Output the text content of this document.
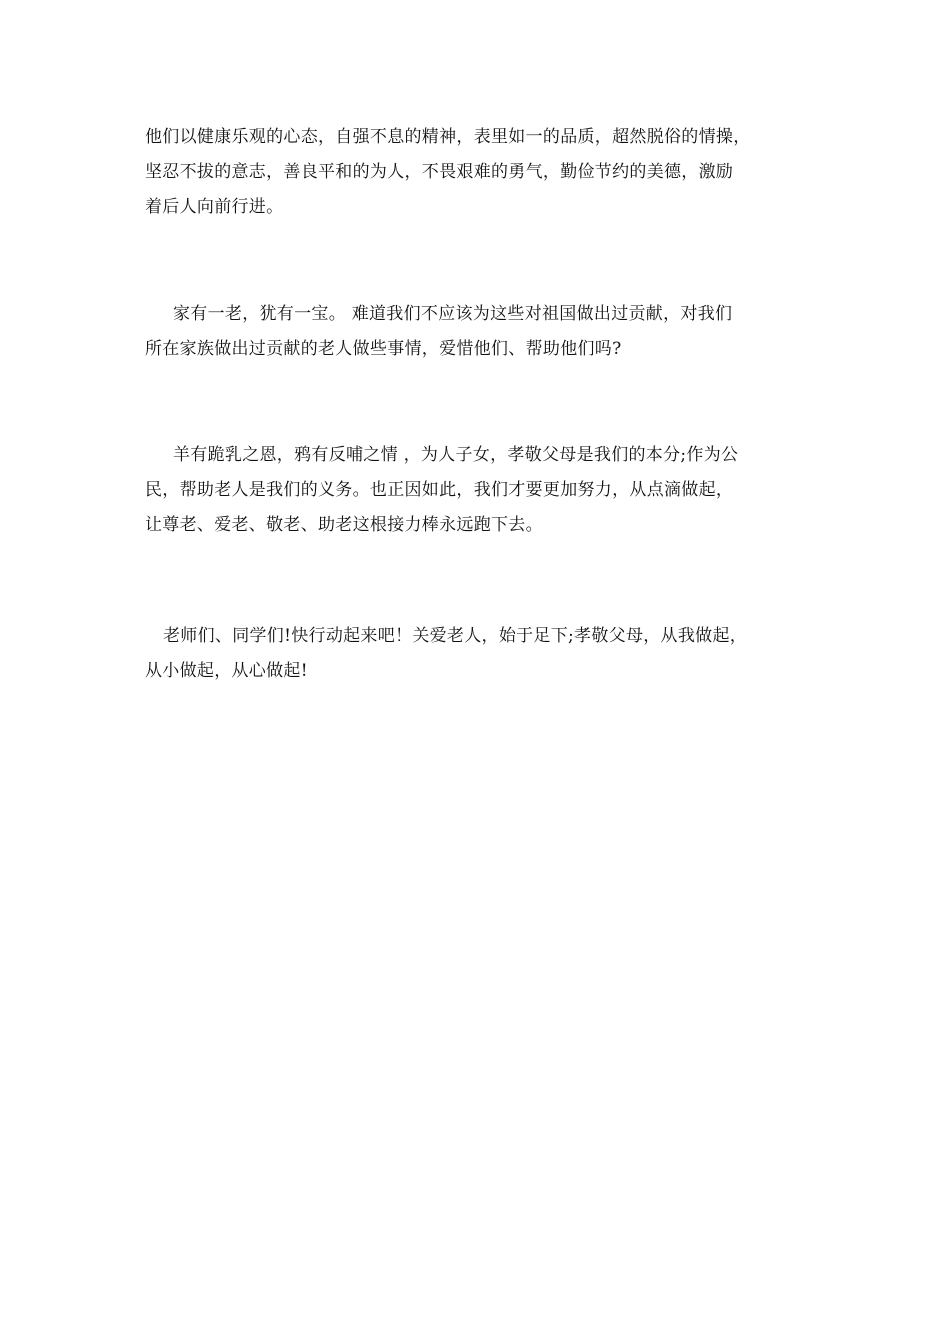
他们以健康乐观的心态，自强不息的精神，表里如一的品质，超然脱俗的情操，
坚忍不拔的意志，善良平和的为人，不畏艰难的勇气，勤俭节约的美德，激励
着后人向前行进。

家有一老，犹有一宝。 难道我们不应该为这些对祖国做出过贡献，对我们
所在家族做出过贡献的老人做些事情，爱惜他们、帮助他们吗?

羊有跪乳之恩，鸦有反哺之情 ，为人子女，孝敬父母是我们的本分;作为公
民，帮助老人是我们的义务。也正因如此，我们才要更加努力，从点滴做起，
让尊老、爱老、敬老、助老这根接力棒永远跑下去。

老师们、同学们!快行动起来吧！关爱老人，始于足下;孝敬父母，从我做起，
从小做起，从心做起!
